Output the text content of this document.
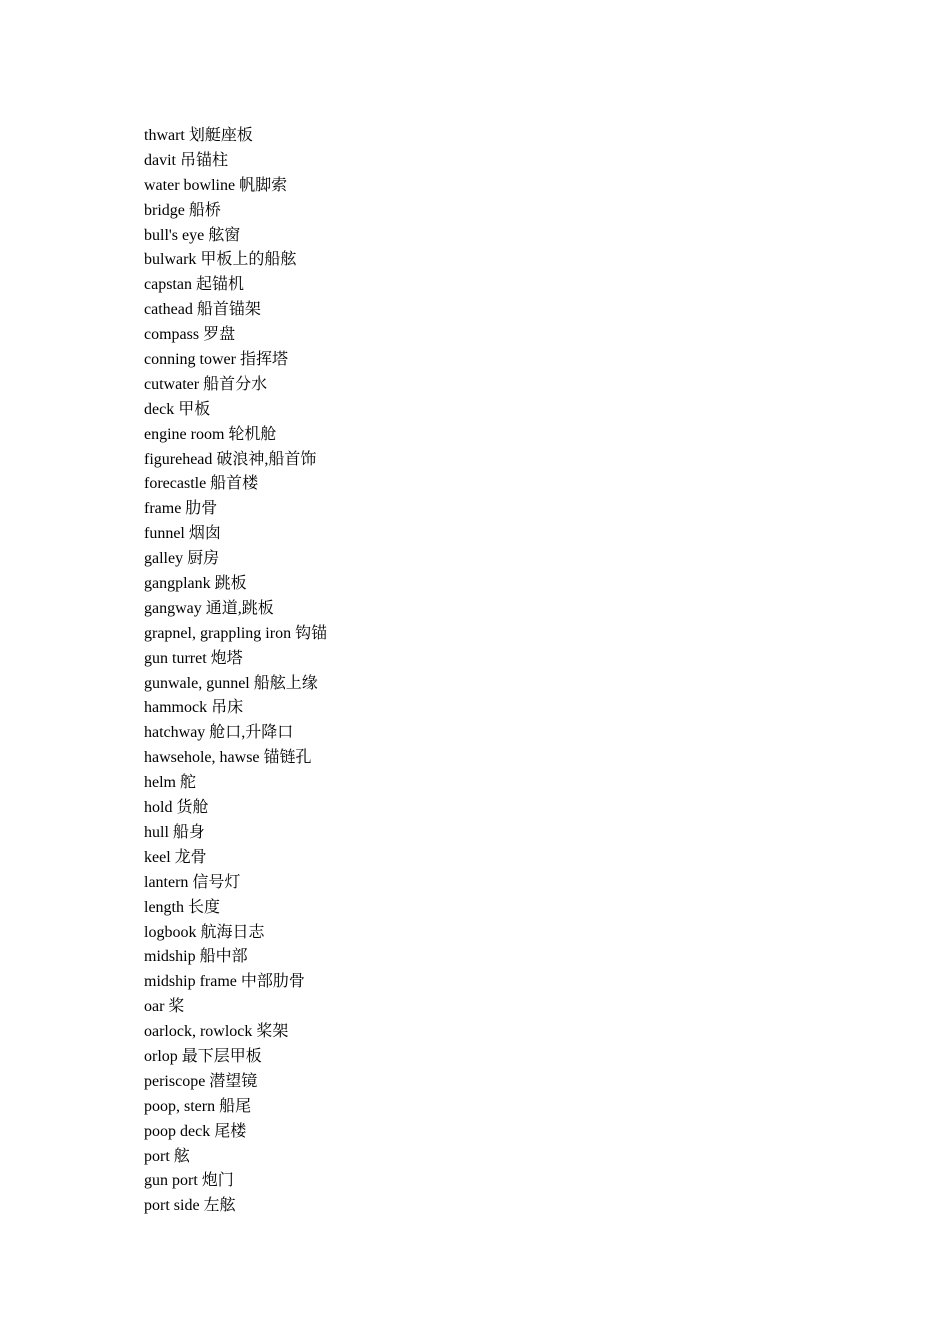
thwart 划艇座板
davit 吊锚柱
water bowline 帆脚索
bridge 船桥
bull's eye 舷窗
bulwark 甲板上的船舷
capstan 起锚机
cathead 船首锚架
compass 罗盘
conning tower 指挥塔
cutwater 船首分水
deck 甲板
engine room 轮机舱
figurehead 破浪神,船首饰
forecastle 船首楼
frame 肋骨
funnel 烟囱
galley 厨房
gangplank 跳板
gangway 通道,跳板
grapnel, grappling iron 钩锚
gun turret 炮塔
gunwale, gunnel 船舷上缘
hammock 吊床
hatchway 舱口,升降口
hawsehole, hawse 锚链孔
helm 舵
hold 货舱
hull 船身
keel 龙骨
lantern 信号灯
length 长度
logbook 航海日志
midship 船中部
midship frame 中部肋骨
oar 桨
oarlock, rowlock 桨架
orlop 最下层甲板
periscope 潜望镜
poop, stern 船尾
poop deck 尾楼
port 舷
gun port 炮门
port side 左舷
